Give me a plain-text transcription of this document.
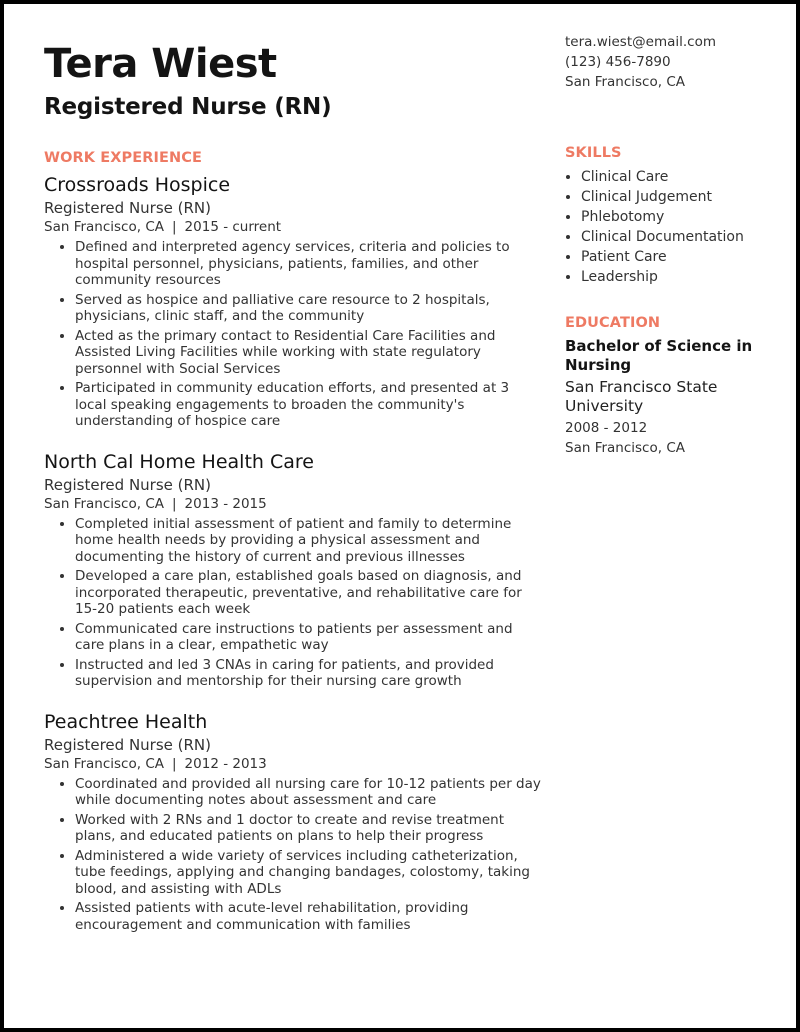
Tera Wiest
Registered Nurse (RN)
WORK EXPERIENCE
Crossroads Hospice
Registered Nurse (RN)
San Francisco, CA | 2015 - current
• Defined and interpreted agency services, criteria and policies to hospital personnel, physicians, patients, families, and other community resources
• Served as hospice and palliative care resource to 2 hospitals, physicians, clinic staff, and the community
• Acted as the primary contact to Residential Care Facilities and Assisted Living Facilities while working with state regulatory personnel with Social Services
• Participated in community education efforts, and presented at 3 local speaking engagements to broaden the community's understanding of hospice care
North Cal Home Health Care
Registered Nurse (RN)
San Francisco, CA | 2013 - 2015
• Completed initial assessment of patient and family to determine home health needs by providing a physical assessment and documenting the history of current and previous illnesses
• Developed a care plan, established goals based on diagnosis, and incorporated therapeutic, preventative, and rehabilitative care for 15-20 patients each week
• Communicated care instructions to patients per assessment and care plans in a clear, empathetic way
• Instructed and led 3 CNAs in caring for patients, and provided supervision and mentorship for their nursing care growth
Peachtree Health
Registered Nurse (RN)
San Francisco, CA | 2012 - 2013
• Coordinated and provided all nursing care for 10-12 patients per day while documenting notes about assessment and care
• Worked with 2 RNs and 1 doctor to create and revise treatment plans, and educated patients on plans to help their progress
• Administered a wide variety of services including catheterization, tube feedings, applying and changing bandages, colostomy, taking blood, and assisting with ADLs
• Assisted patients with acute-level rehabilitation, providing encouragement and communication with families
tera.wiest@email.com
(123) 456-7890
San Francisco, CA
SKILLS
• Clinical Care
• Clinical Judgement
• Phlebotomy
• Clinical Documentation
• Patient Care
• Leadership
EDUCATION
Bachelor of Science in Nursing
San Francisco State University
2008 - 2012
San Francisco, CA
